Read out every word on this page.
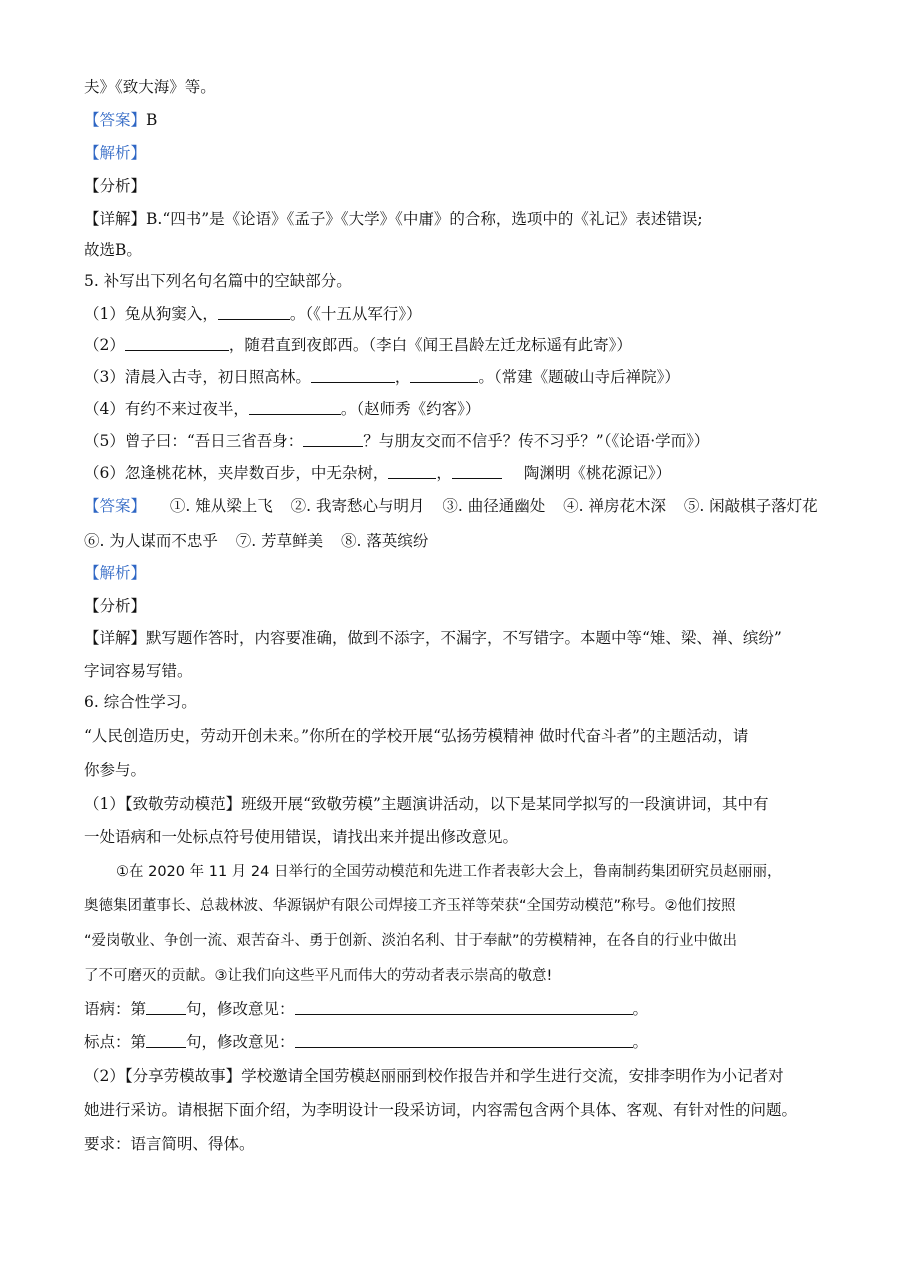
夫》《致大海》等。
【答案】B
【解析】
【分析】
【详解】B.“四书”是《论语》《孟子》《大学》《中庸》的合称，选项中的《礼记》表述错误;
故选B。
5. 补写出下列名句名篇中的空缺部分。
（1）兔从狗窦入，	。（《十五从军行》）
（2）	，随君直到夜郎西。（李白《闻王昌龄左迁龙标遥有此寄》）
（3）清晨入古寺，初日照高林。	，	。（常建《题破山寺后禅院》）
（4）有约不来过夜半，	。（赵师秀《约客》）
（5）曾子曰：“吾日三省吾身：	？与朋友交而不信乎？传不习乎？”（《论语·学而》）
（6）忽逢桃花林，夹岸数百步，中无杂树，	，	陶渊明《桃花源记》）
【答案】 ①. 雉从梁上飞 ②. 我寄愁心与明月 ③. 曲径通幽处 ④. 禅房花木深 ⑤. 闲敲棋子落灯花
⑥. 为人谋而不忠乎 ⑦. 芳草鲜美 ⑧. 落英缤纷
【解析】
【分析】
【详解】默写题作答时，内容要准确，做到不添字，不漏字，不写错字。本题中等“雉、梁、禅、缤纷”
字词容易写错。
6. 综合性学习。
“人民创造历史，劳动开创未来。”你所在的学校开展“弘扬劳模精神 做时代奋斗者”的主题活动，请
你参与。
（1）【致敬劳动模范】班级开展“致敬劳模”主题演讲活动，以下是某同学拟写的一段演讲词，其中有
一处语病和一处标点符号使用错误，请找出来并提出修改意见。
①在 2020 年 11 月 24 日举行的全国劳动模范和先进工作者表彰大会上，鲁南制药集团研究员赵丽丽，
奥德集团董事长、总裁林波、华源锅炉有限公司焊接工齐玉祥等荣获“全国劳动模范”称号。②他们按照
“爱岗敬业、争创一流、艰苦奋斗、勇于创新、淡泊名利、甘于奉献”的劳模精神，在各自的行业中做出
了不可磨灭的贡献。③让我们向这些平凡而伟大的劳动者表示崇高的敬意!
语病：第	句，修改意见：	。
标点：第	句，修改意见：	。
（2）【分享劳模故事】学校邀请全国劳模赵丽丽到校作报告并和学生进行交流，安排李明作为小记者对
她进行采访。请根据下面介绍，为李明设计一段采访词，内容需包含两个具体、客观、有针对性的问题。
要求：语言简明、得体。
